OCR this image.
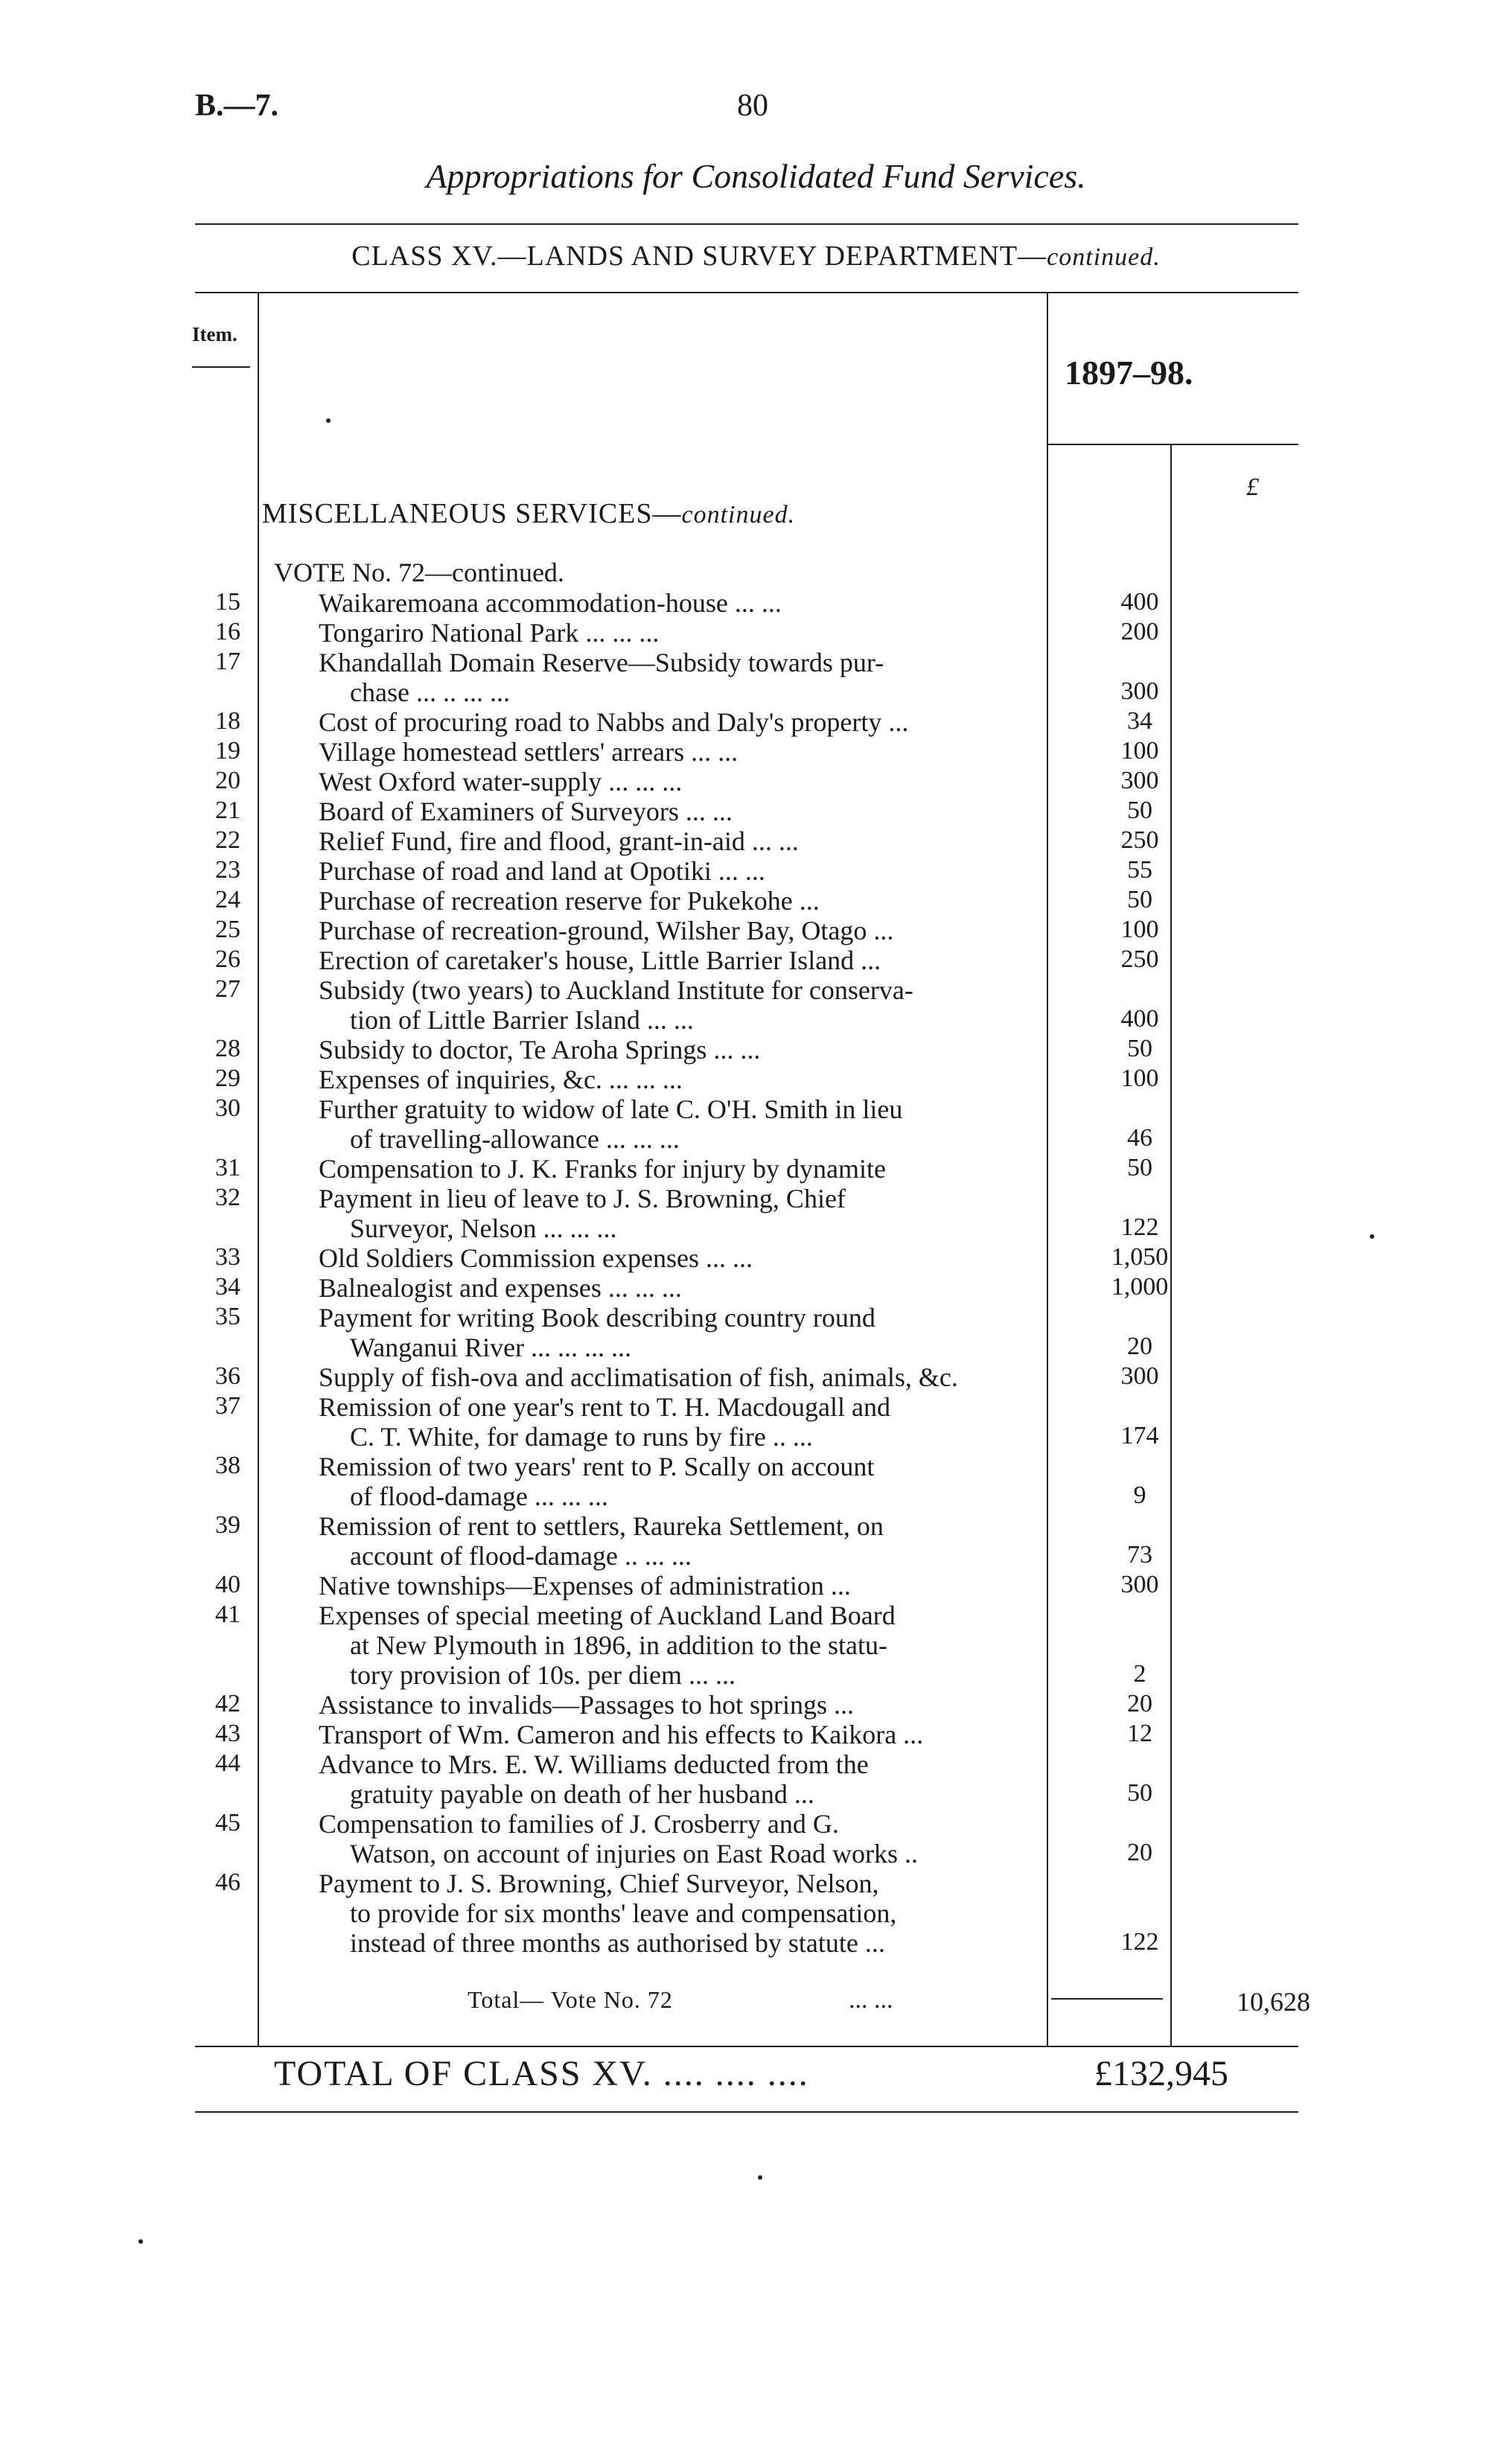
B.—7.	80
Appropriations for Consolidated Fund Services.
CLASS XV.—LANDS AND SURVEY DEPARTMENT—continued.
Item.
1897–98.
£
MISCELLANEOUS SERVICES—continued.
VOTE No. 72—continued.
15	Waikaremoana accommodation-house ... ...	400
16	Tongariro National Park ... ... ...	200
17	Khandallah Domain Reserve—Subsidy towards pur-
chase ... .. ... ...	300
18	Cost of procuring road to Nabbs and Daly's property ...	34
19	Village homestead settlers' arrears ... ...	100
20	West Oxford water-supply ... ... ...	300
21	Board of Examiners of Surveyors ... ...	50
22	Relief Fund, fire and flood, grant-in-aid ... ...	250
23	Purchase of road and land at Opotiki ... ...	55
24	Purchase of recreation reserve for Pukekohe ...	50
25	Purchase of recreation-ground, Wilsher Bay, Otago ...	100
26	Erection of caretaker's house, Little Barrier Island ...	250
27	Subsidy (two years) to Auckland Institute for conserva-
tion of Little Barrier Island ... ...	400
28	Subsidy to doctor, Te Aroha Springs ... ...	50
29	Expenses of inquiries, &c. ... ... ...	100
30	Further gratuity to widow of late C. O'H. Smith in lieu
of travelling-allowance ... ... ...	46
31	Compensation to J. K. Franks for injury by dynamite	50
32	Payment in lieu of leave to J. S. Browning, Chief
Surveyor, Nelson ... ... ...	122
33	Old Soldiers Commission expenses ... ...	1,050
34	Balnealogist and expenses ... ... ...	1,000
35	Payment for writing Book describing country round
Wanganui River ... ... ... ...	20
36	Supply of fish-ova and acclimatisation of fish, animals, &c.	300
37	Remission of one year's rent to T. H. Macdougall and
C. T. White, for damage to runs by fire .. ...	174
38	Remission of two years' rent to P. Scally on account
of flood-damage ... ... ...	9
39	Remission of rent to settlers, Raureka Settlement, on
account of flood-damage .. ... ...	73
40	Native townships—Expenses of administration ...	300
41	Expenses of special meeting of Auckland Land Board
at New Plymouth in 1896, in addition to the statu-
tory provision of 10s. per diem ... ...	2
42	Assistance to invalids—Passages to hot springs ...	20
43	Transport of Wm. Cameron and his effects to Kaikora ...	12
44	Advance to Mrs. E. W. Williams deducted from the
gratuity payable on death of her husband ...	50
45	Compensation to families of J. Crosberry and G.
Watson, on account of injuries on East Road works ..	20
46	Payment to J. S. Browning, Chief Surveyor, Nelson,
to provide for six months' leave and compensation,
instead of three months as authorised by statute ...	122
Total— Vote No. 72	... ...	10,628
TOTAL OF CLASS XV. .... .... ....	£132,945
